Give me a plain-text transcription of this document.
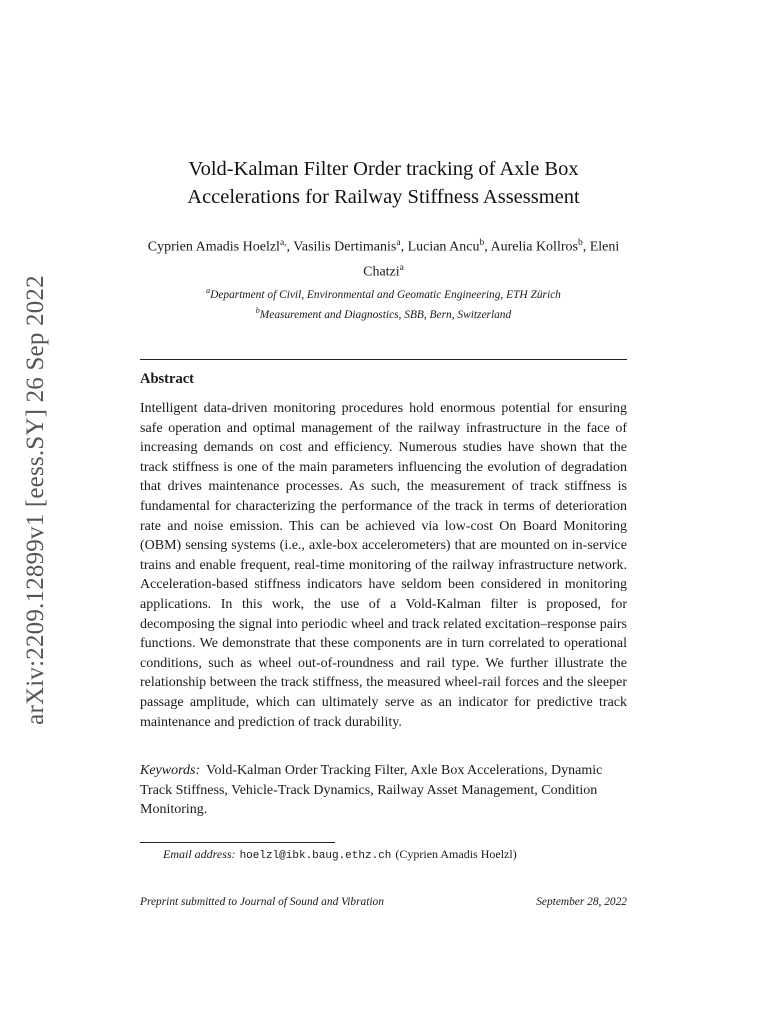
arXiv:2209.12899v1 [eess.SY] 26 Sep 2022
Vold-Kalman Filter Order tracking of Axle Box
Accelerations for Railway Stiffness Assessment
Cyprien Amadis Hoelzl$^{a,}$, Vasilis Dertimanis$^a$, Lucian Ancu$^b$, Aurelia Kollros$^b$, Eleni Chatzi$^a$
$^a$Department of Civil, Environmental and Geomatic Engineering, ETH Zürich
$^b$Measurement and Diagnostics, SBB, Bern, Switzerland
Abstract
Intelligent data-driven monitoring procedures hold enormous potential for ensuring safe operation and optimal management of the railway infrastructure in the face of increasing demands on cost and efficiency. Numerous studies have shown that the track stiffness is one of the main parameters influencing the evolution of degradation that drives maintenance processes. As such, the measurement of track stiffness is fundamental for characterizing the performance of the track in terms of deterioration rate and noise emission. This can be achieved via low-cost On Board Monitoring (OBM) sensing systems (i.e., axle-box accelerometers) that are mounted on in-service trains and enable frequent, real-time monitoring of the railway infrastructure network. Acceleration-based stiffness indicators have seldom been considered in monitoring applications. In this work, the use of a Vold-Kalman filter is proposed, for decomposing the signal into periodic wheel and track related excitation–response pairs functions. We demonstrate that these components are in turn correlated to operational conditions, such as wheel out-of-roundness and rail type. We further illustrate the relationship between the track stiffness, the measured wheel-rail forces and the sleeper passage amplitude, which can ultimately serve as an indicator for predictive track maintenance and prediction of track durability.
Keywords: Vold-Kalman Order Tracking Filter, Axle Box Accelerations, Dynamic Track Stiffness, Vehicle-Track Dynamics, Railway Asset Management, Condition Monitoring.
Email address: hoelzl@ibk.baug.ethz.ch (Cyprien Amadis Hoelzl)
Preprint submitted to Journal of Sound and Vibration	September 28, 2022
